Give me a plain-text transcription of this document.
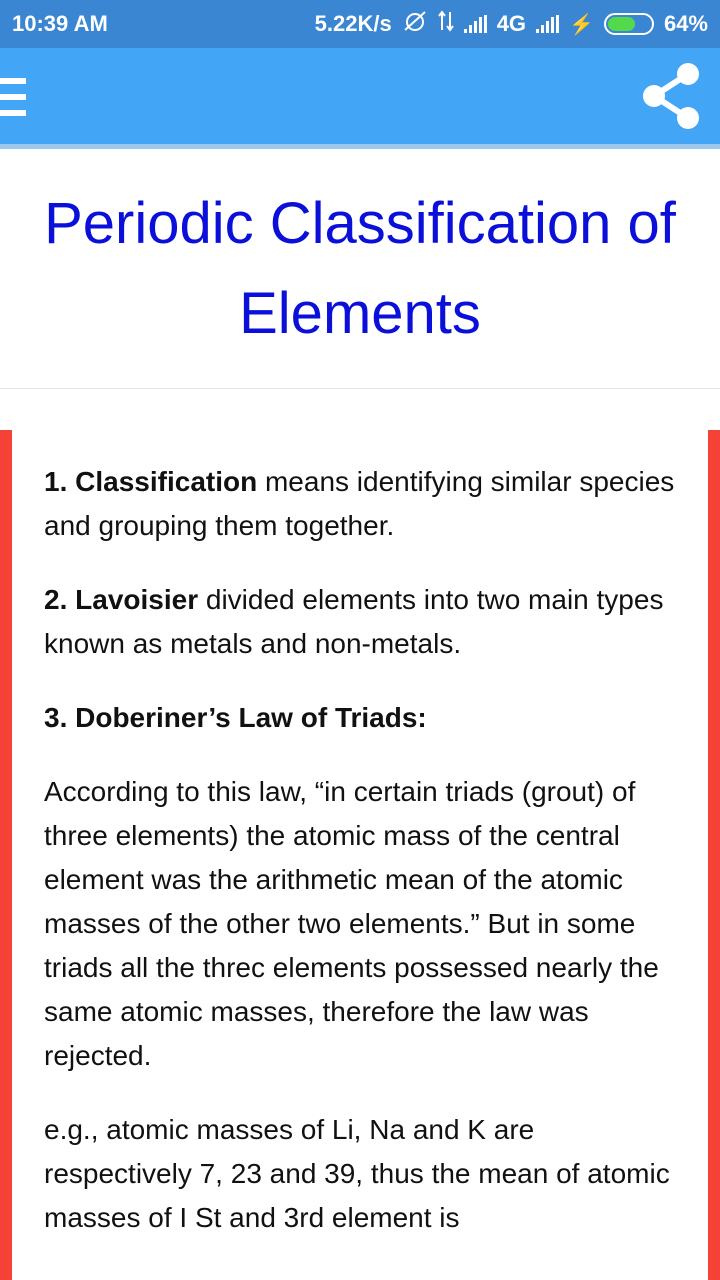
10:39 AM	5.22K/s	4G ⚡	64%
Periodic Classification of Elements

1. Classification means identifying similar species and grouping them together.

2. Lavoisier divided elements into two main types known as metals and non-metals.

3. Doberiner’s Law of Triads:

According to this law, “in certain triads (grout) of three elements) the atomic mass of the central element was the arithmetic mean of the atomic masses of the other two elements.” But in some triads all the threc elements possessed nearly the same atomic masses, therefore the law was rejected.

e.g., atomic masses of Li, Na and K are respectively 7, 23 and 39, thus the mean of atomic masses of I St and 3rd element is
